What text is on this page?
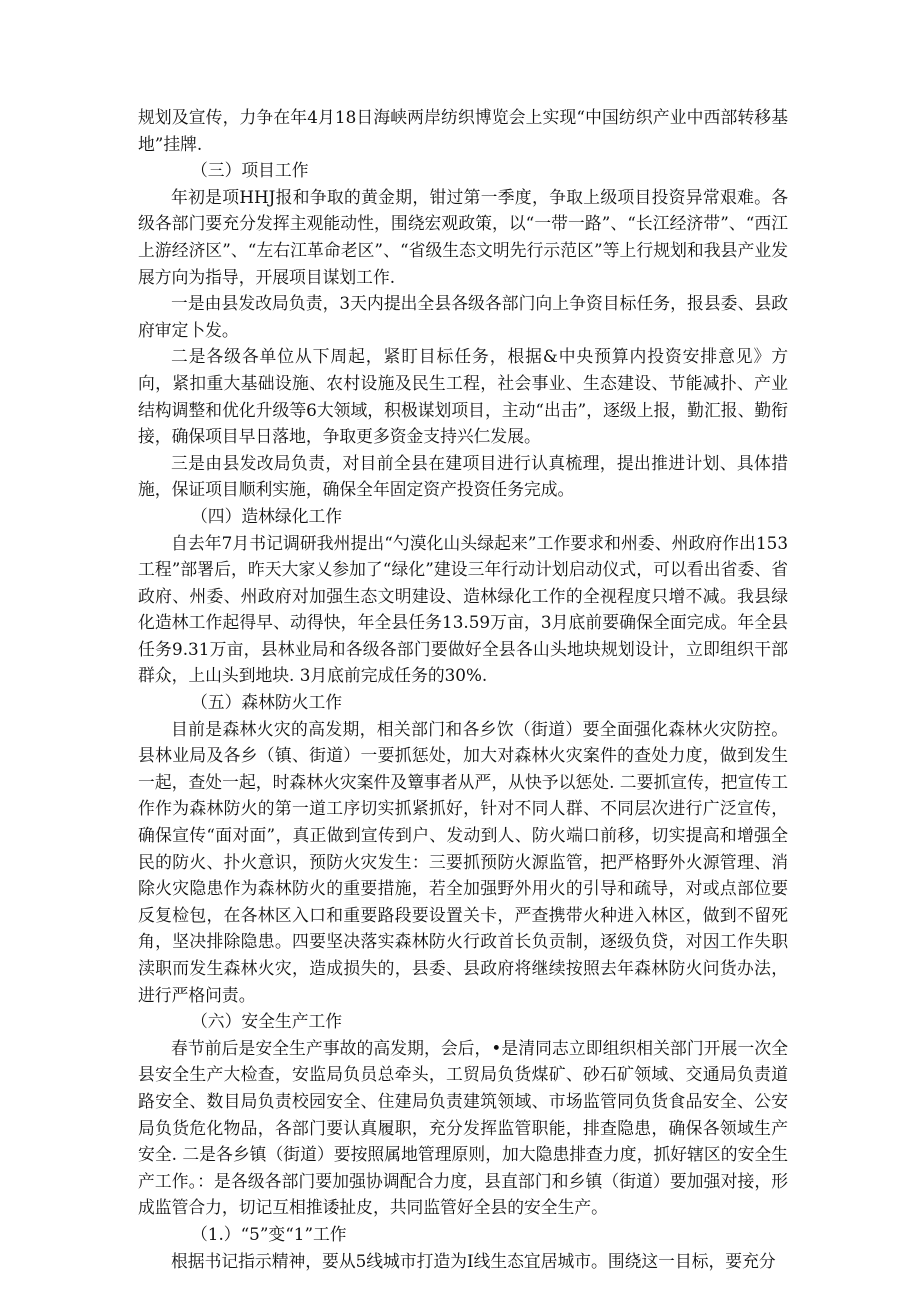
规划及宣传，力争在年4月18日海峡两岸纺织博览会上实现“中国纺织产业中西部转移基地”挂牌.

（三）项目工作

年初是项HHJ报和争取的黄金期，钳过第一季度，争取上级项目投资异常艰难。各级各部门要充分发挥主观能动性，围绕宏观政策，以“一带一路”、“长江经济带”、“西江上游经济区”、“左右江革命老区”、“省级生态文明先行示范区”等上行规划和我县产业发展方向为指导，开展项目谋划工作.

一是由县发改局负责，3天内提出全县各级各部门向上争资目标任务，报县委、县政府审定卜发。

二是各级各单位从下周起，紧盯目标任务，根据&中央预算内投资安排意见》方向，紧扣重大基础设施、农村设施及民生工程，社会事业、生态建设、节能减扑、产业结构调整和优化升级等6大领域，积极谋划项目，主动“出击”，逐级上报，勤汇报、勤衔接，确保项目早日落地，争取更多资金支持兴仁发展。

三是由县发改局负责，对目前全县在建项目进行认真梳理，提出推进计划、具体措施，保证项目顺利实施，确保全年固定资产投资任务完成。

（四）造林绿化工作

自去年7月书记调研我州提出“勺漠化山头绿起来”工作要求和州委、州政府作出153工程”部署后，昨天大家乂参加了“绿化”建设三年行动计划启动仪式，可以看出省委、省政府、州委、州政府对加强生态文明建设、造林绿化工作的全视程度只增不减。我县绿化造林工作起得早、动得快，年全县任务13.59万亩，3月底前要确保全面完成。年全县任务9.31万亩，县林业局和各级各部门要做好全县各山头地块规划设计，立即组织干部群众，上山头到地块. 3月底前完成任务的30%.

（五）森林防火工作

目前是森林火灾的高发期，相关部门和各乡饮（街道）要全面强化森林火灾防控。县林业局及各乡（镇、街道）一要抓惩处，加大对森林火灾案件的查处力度，做到发生一起，查处一起，时森林火灾案件及簟事者从严，从快予以惩处. 二要抓宣传，把宣传工作作为森林防火的第一道工序切实抓紧抓好，针对不同人群、不同层次进行广泛宣传，确保宣传“面对面”，真正做到宣传到户、发动到人、防火端口前移，切实提高和增强全民的防火、扑火意识，预防火灾发生：三要抓预防火源监管，把严格野外火源管理、消除火灾隐患作为森林防火的重要措施，若全加强野外用火的引导和疏导，对或点部位要反复检包，在各林区入口和重要路段要设置关卡，严查携带火种进入林区，做到不留死角，坚决排除隐患。四要坚决落实森林防火行政首长负贡制，逐级负贷，对因工作失职渎职而发生森林火灾，造成损失的，县委、县政府将继续按照去年森林防火问货办法，进行严格问责。

（六）安全生产工作

春节前后是安全生产事故的高发期，会后，•是清同志立即组织相关部门开展一次全县安全生产大检查，安监局负员总牵头，工贸局负货煤矿、砂石矿领域、交通局负责道路安全、数目局负责校园安全、住建局负责建筑领域、市场监管同负货食品安全、公安局负货危化物品，各部门要认真履职，充分发挥监管职能，排查隐患，确保各领域生产安全. 二是各乡镇（街道）要按照属地管理原则，加大隐患排查力度，抓好辖区的安全生产工作。：是各级各部门要加强协调配合力度，县直部门和乡镇（街道）要加强对接，形成监管合力，切记互相推诿扯皮，共同监管好全县的安全生产。

（1.）“5”变“1”工作

根据书记指示精神，要从5线城市打造为I线生态宜居城市。围绕这一目标，要充分
